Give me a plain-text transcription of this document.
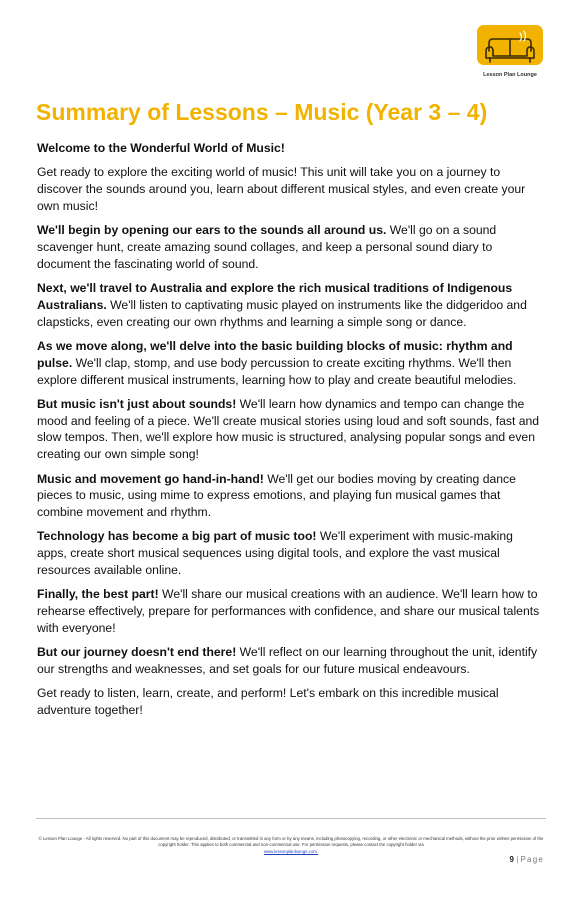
Lesson Plan Lounge
Summary of Lessons – Music (Year 3 – 4)

Welcome to the Wonderful World of Music!

Get ready to explore the exciting world of music! This unit will take you on a journey to discover the sounds around you, learn about different musical styles, and even create your own music!

We'll begin by opening our ears to the sounds all around us. We'll go on a sound scavenger hunt, create amazing sound collages, and keep a personal sound diary to document the fascinating world of sound.

Next, we'll travel to Australia and explore the rich musical traditions of Indigenous Australians. We'll listen to captivating music played on instruments like the didgeridoo and clapsticks, even creating our own rhythms and learning a simple song or dance.

As we move along, we'll delve into the basic building blocks of music: rhythm and pulse. We'll clap, stomp, and use body percussion to create exciting rhythms. We'll then explore different musical instruments, learning how to play and create beautiful melodies.

But music isn't just about sounds! We'll learn how dynamics and tempo can change the mood and feeling of a piece. We'll create musical stories using loud and soft sounds, fast and slow tempos. Then, we'll explore how music is structured, analysing popular songs and even creating our own simple song!

Music and movement go hand-in-hand! We'll get our bodies moving by creating dance pieces to music, using mime to express emotions, and playing fun musical games that combine movement and rhythm.

Technology has become a big part of music too! We'll experiment with music-making apps, create short musical sequences using digital tools, and explore the vast musical resources available online.

Finally, the best part! We'll share our musical creations with an audience. We'll learn how to rehearse effectively, prepare for performances with confidence, and share our musical talents with everyone!

But our journey doesn't end there! We'll reflect on our learning throughout the unit, identify our strengths and weaknesses, and set goals for our future musical endeavours.

Get ready to listen, learn, create, and perform! Let's embark on this incredible musical adventure together!

© Lesson Plan Lounge - All rights reserved. No part of this document may be reproduced, distributed, or transmitted in any form or by any means, including photocopying, recording, or other electronic or mechanical methods, without the prior written permission of the copyright holder. This applies to both commercial and non-commercial use. For permission requests, please contact the copyright holder via
www.lessonplanlounge.com.
9 | Page
